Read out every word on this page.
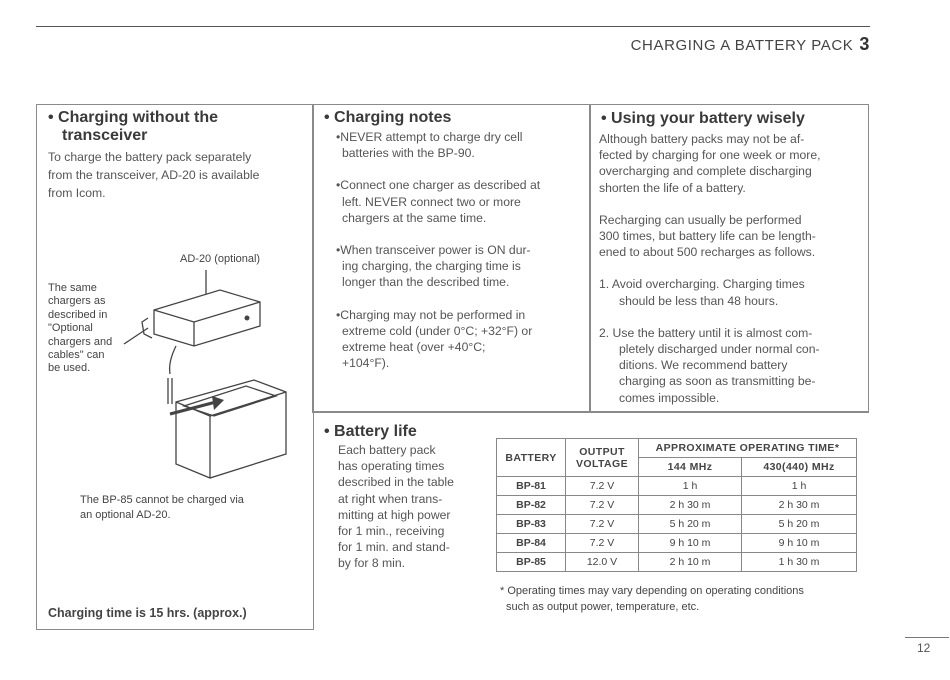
CHARGING A BATTERY PACK 3
• Charging without the
transceiver
To charge the battery pack separately
from the transceiver, AD-20 is available
from Icom.
AD-20 (optional)
The same
chargers as
described in
"Optional
chargers and
cables" can
be used.
The BP-85 cannot be charged via
an optional AD-20.
Charging time is 15 hrs. (approx.)
• Charging notes
•NEVER attempt to charge dry cell
batteries with the BP-90.
•Connect one charger as described at
left. NEVER connect two or more
chargers at the same time.
•When transceiver power is ON dur-
ing charging, the charging time is
longer than the described time.
•Charging may not be performed in
extreme cold (under 0°C; +32°F) or
extreme heat (over +40°C;
+104°F).
• Using your battery wisely
Although battery packs may not be af-
fected by charging for one week or more,
overcharging and complete discharging
shorten the life of a battery.
Recharging can usually be performed
300 times, but battery life can be length-
ened to about 500 recharges as follows.
1. Avoid overcharging. Charging times
should be less than 48 hours.
2. Use the battery until it is almost com-
pletely discharged under normal con-
ditions. We recommend battery
charging as soon as transmitting be-
comes impossible.
• Battery life
Each battery pack
has operating times
described in the table
at right when trans-
mitting at high power
for 1 min., receiving
for 1 min. and stand-
by for 8 min.
BATTERY	OUTPUT
VOLTAGE	APPROXIMATE OPERATING TIME*	
		144 MHz	430(440) MHz
BP-81	7.2 V	1 h	1 h
BP-82	7.2 V	2 h 30 m	2 h 30 m
BP-83	7.2 V	5 h 20 m	5 h 20 m
BP-84	7.2 V	9 h 10 m	9 h 10 m
BP-85	12.0 V	2 h 10 m	1 h 30 m
* Operating times may vary depending on operating conditions
such as output power, temperature, etc.
12
